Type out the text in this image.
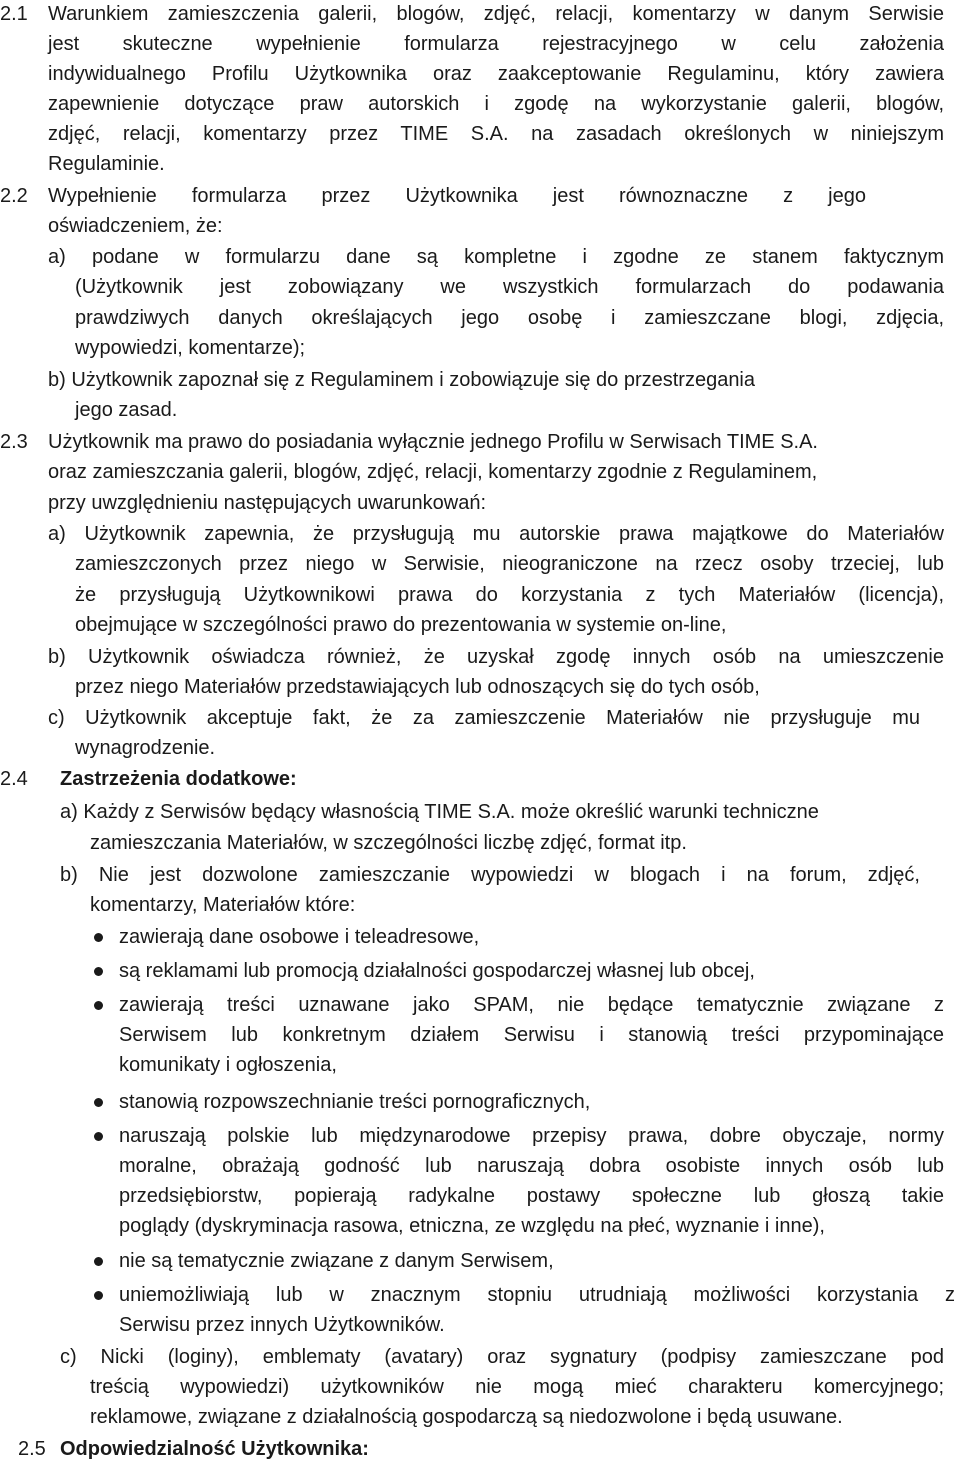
2.1 Warunkiem zamieszczenia galerii, blogów, zdjęć, relacji, komentarzy w danym Serwisie
jest skuteczne wypełnienie formularza rejestracyjnego w celu założenia
indywidualnego Profilu Użytkownika oraz zaakceptowanie Regulaminu, który zawiera
zapewnienie dotyczące praw autorskich i zgodę na wykorzystanie galerii, blogów,
zdjęć, relacji, komentarzy przez TIME S.A. na zasadach określonych w niniejszym
Regulaminie.
2.2 Wypełnienie formularza przez Użytkownika jest równoznaczne z jego
oświadczeniem, że:
a) podane w formularzu dane są kompletne i zgodne ze stanem faktycznym
(Użytkownik jest zobowiązany we wszystkich formularzach do podawania
prawdziwych danych określających jego osobę i zamieszczane blogi, zdjęcia,
wypowiedzi, komentarze);
b) Użytkownik zapoznał się z Regulaminem i zobowiązuje się do przestrzegania
jego zasad.
2.3 Użytkownik ma prawo do posiadania wyłącznie jednego Profilu w Serwisach TIME S.A.
oraz zamieszczania galerii, blogów, zdjęć, relacji, komentarzy zgodnie z Regulaminem,
przy uwzględnieniu następujących uwarunkowań:
a) Użytkownik zapewnia, że przysługują mu autorskie prawa majątkowe do Materiałów
zamieszczonych przez niego w Serwisie, nieograniczone na rzecz osoby trzeciej, lub
że przysługują Użytkownikowi prawa do korzystania z tych Materiałów (licencja),
obejmujące w szczególności prawo do prezentowania w systemie on-line,
b) Użytkownik oświadcza również, że uzyskał zgodę innych osób na umieszczenie
przez niego Materiałów przedstawiających lub odnoszących się do tych osób,
c) Użytkownik akceptuje fakt, że za zamieszczenie Materiałów nie przysługuje mu
wynagrodzenie.
2.4 Zastrzeżenia dodatkowe:
a) Każdy z Serwisów będący własnością TIME S.A. może określić warunki techniczne
zamieszczania Materiałów, w szczególności liczbę zdjęć, format itp.
b) Nie jest dozwolone zamieszczanie wypowiedzi w blogach i na forum, zdjęć,
komentarzy, Materiałów które:
zawierają dane osobowe i teleadresowe,
są reklamami lub promocją działalności gospodarczej własnej lub obcej,
zawierają treści uznawane jako SPAM, nie będące tematycznie związane z
Serwisem lub konkretnym działem Serwisu i stanowią treści przypominające
komunikaty i ogłoszenia,
stanowią rozpowszechnianie treści pornograficznych,
naruszają polskie lub międzynarodowe przepisy prawa, dobre obyczaje, normy
moralne, obrażają godność lub naruszają dobra osobiste innych osób lub
przedsiębiorstw, popierają radykalne postawy społeczne lub głoszą takie
poglądy (dyskryminacja rasowa, etniczna, ze względu na płeć, wyznanie i inne),
nie są tematycznie związane z danym Serwisem,
uniemożliwiają lub w znacznym stopniu utrudniają możliwości korzystania z
Serwisu przez innych Użytkowników.
c) Nicki (loginy), emblematy (avatary) oraz sygnatury (podpisy zamieszczane pod
treścią wypowiedzi) użytkowników nie mogą mieć charakteru komercyjnego;
reklamowe, związane z działalnością gospodarczą są niedozwolone i będą usuwane.
2.5 Odpowiedzialność Użytkownika:
